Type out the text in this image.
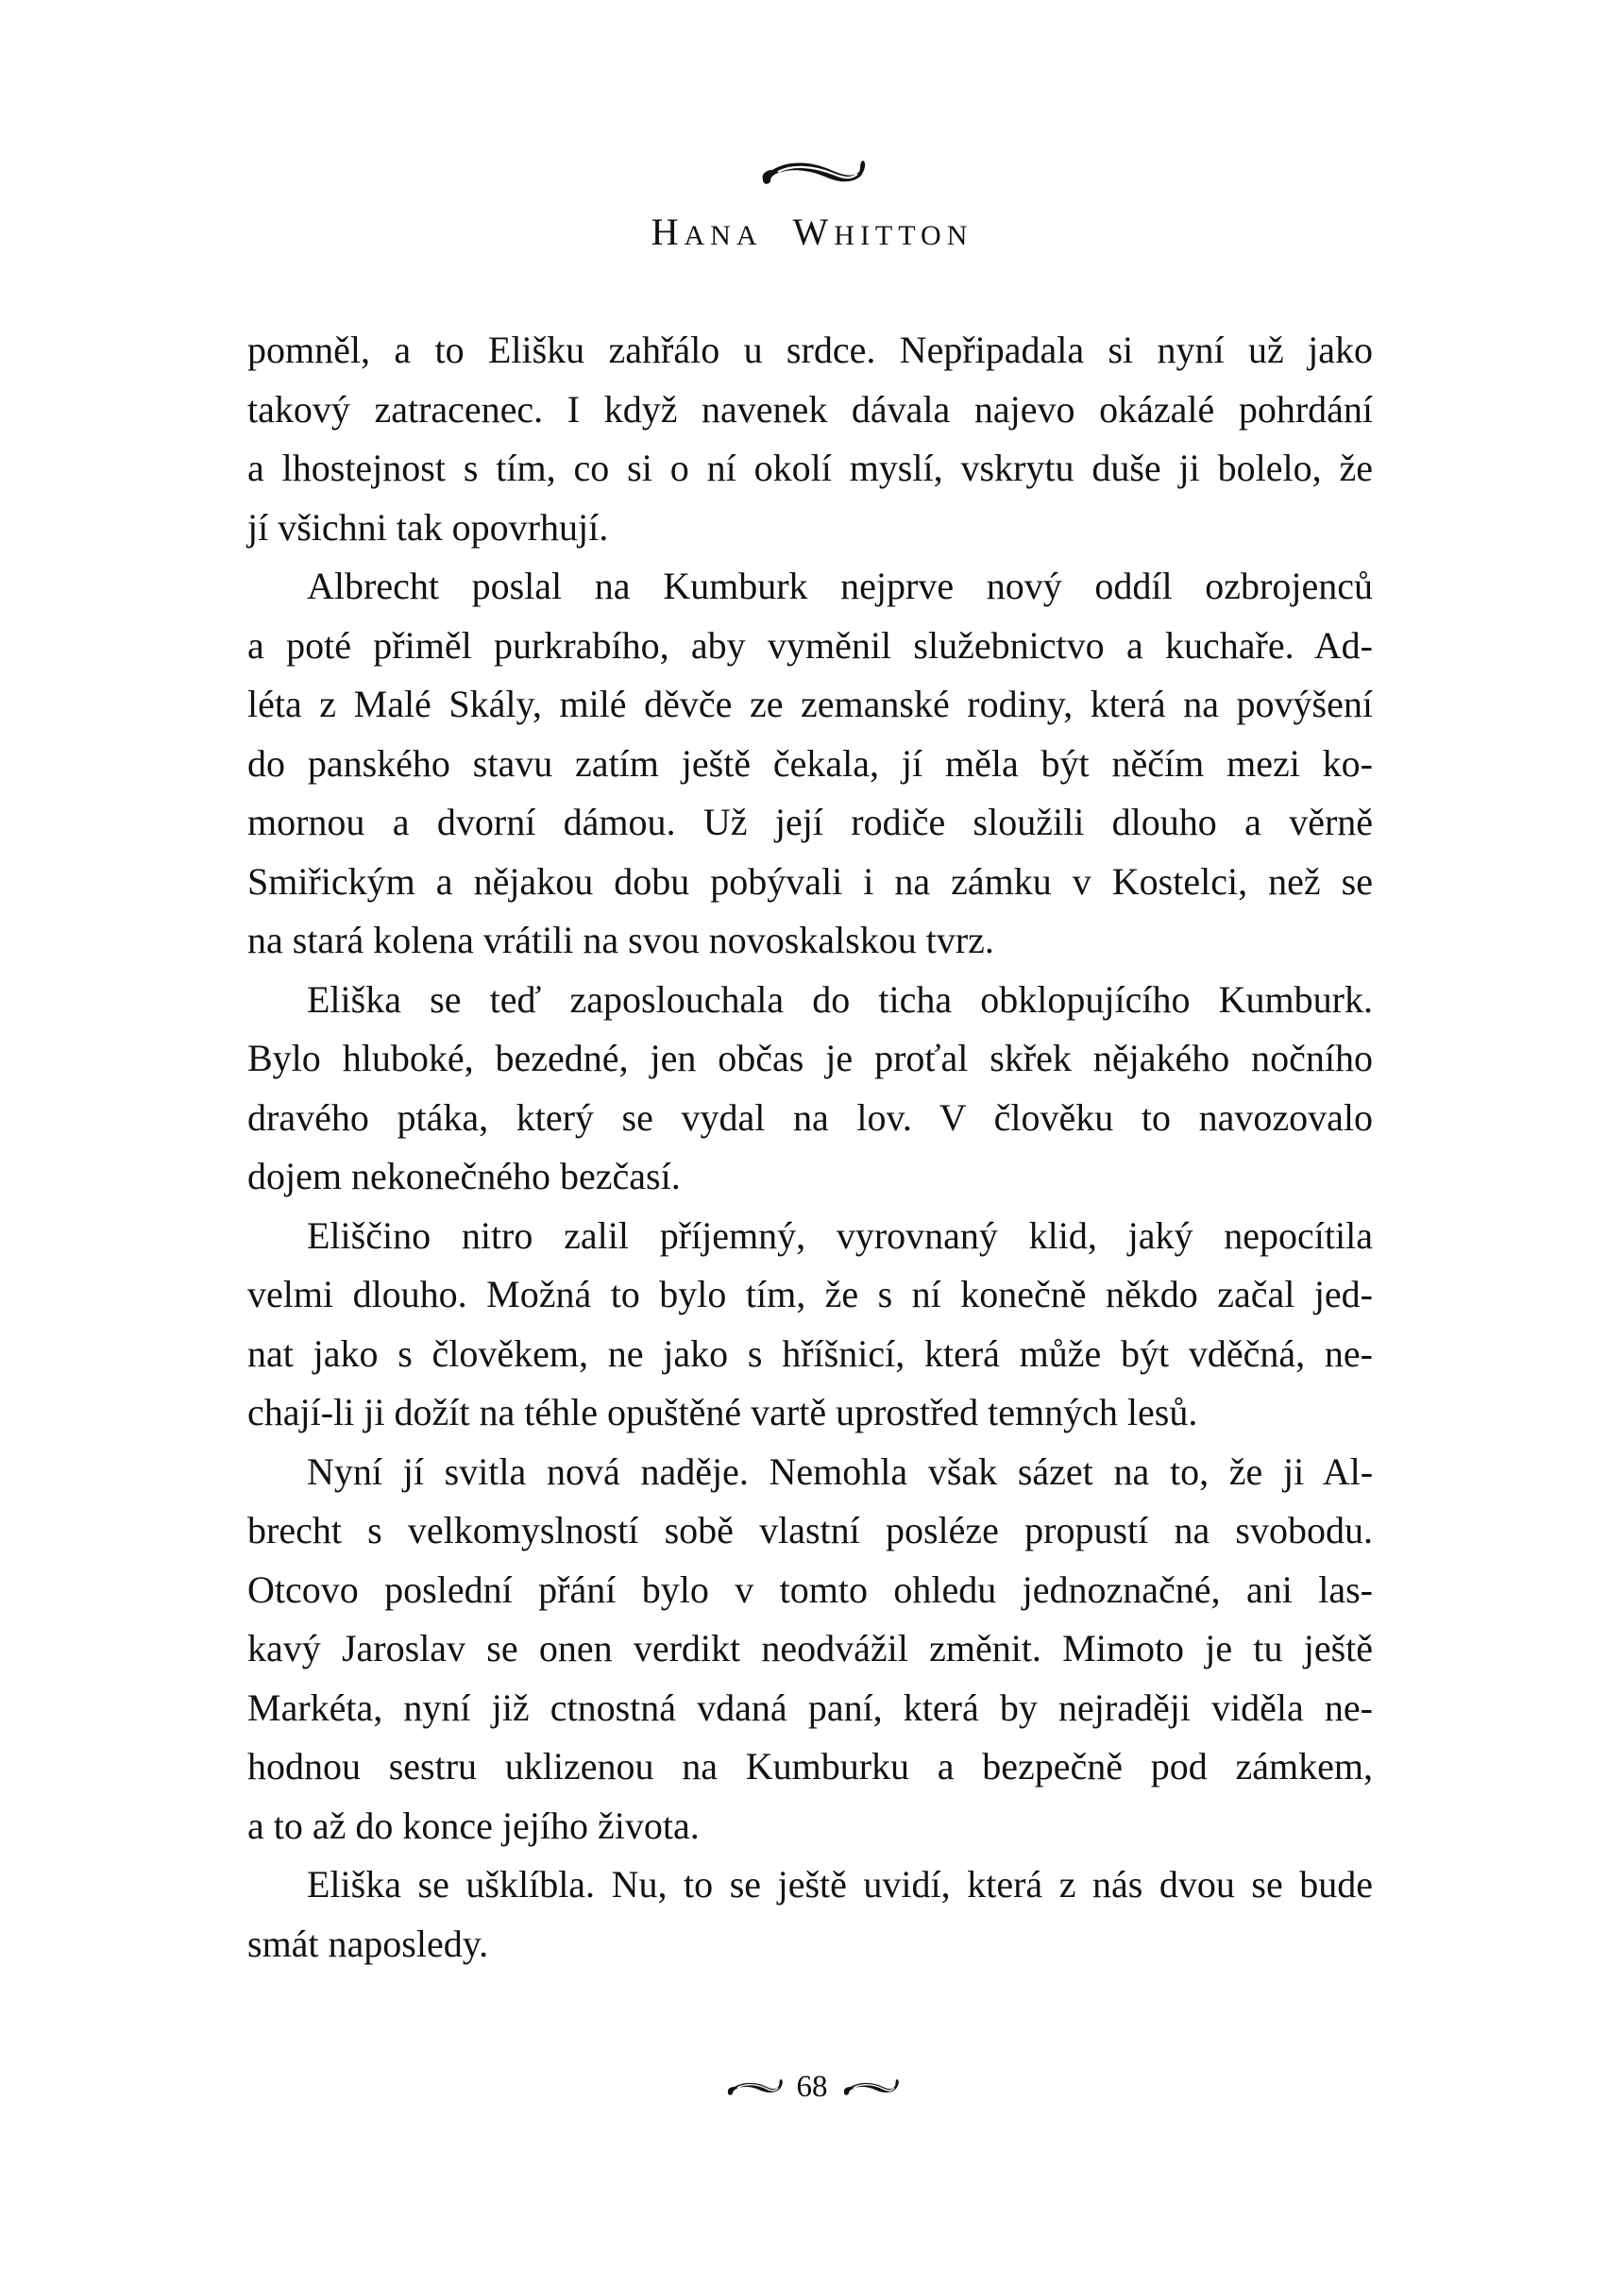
HANA WHITTON
pomněl, a to Elišku zahřálo u srdce. Nepřipadala si nyní už jako
takový zatracenec. I když navenek dávala najevo okázalé pohrdání
a lhostejnost s tím, co si o ní okolí myslí, vskrytu duše ji bolelo, že
jí všichni tak opovrhují.
Albrecht poslal na Kumburk nejprve nový oddíl ozbrojenců
a poté přiměl purkrabího, aby vyměnil služebnictvo a kuchaře. Ad-
léta z Malé Skály, milé děvče ze zemanské rodiny, která na povýšení
do panského stavu zatím ještě čekala, jí měla být něčím mezi ko-
mornou a dvorní dámou. Už její rodiče sloužili dlouho a věrně
Smiřickým a nějakou dobu pobývali i na zámku v Kostelci, než se
na stará kolena vrátili na svou novoskalskou tvrz.
Eliška se teď zaposlouchala do ticha obklopujícího Kumburk.
Bylo hluboké, bezedné, jen občas je proťal skřek nějakého nočního
dravého ptáka, který se vydal na lov. V člověku to navozovalo
dojem nekonečného bezčasí.
Eliščino nitro zalil příjemný, vyrovnaný klid, jaký nepocítila
velmi dlouho. Možná to bylo tím, že s ní konečně někdo začal jed-
nat jako s člověkem, ne jako s hříšnicí, která může být vděčná, ne-
chají-li ji dožít na téhle opuštěné vartě uprostřed temných lesů.
Nyní jí svitla nová naděje. Nemohla však sázet na to, že ji Al-
brecht s velkomyslností sobě vlastní posléze propustí na svobodu.
Otcovo poslední přání bylo v tomto ohledu jednoznačné, ani las-
kavý Jaroslav se onen verdikt neodvážil změnit. Mimoto je tu ještě
Markéta, nyní již ctnostná vdaná paní, která by nejraději viděla ne-
hodnou sestru uklizenou na Kumburku a bezpečně pod zámkem,
a to až do konce jejího života.
Eliška se ušklíbla. Nu, to se ještě uvidí, která z nás dvou se bude
smát naposledy.
68
